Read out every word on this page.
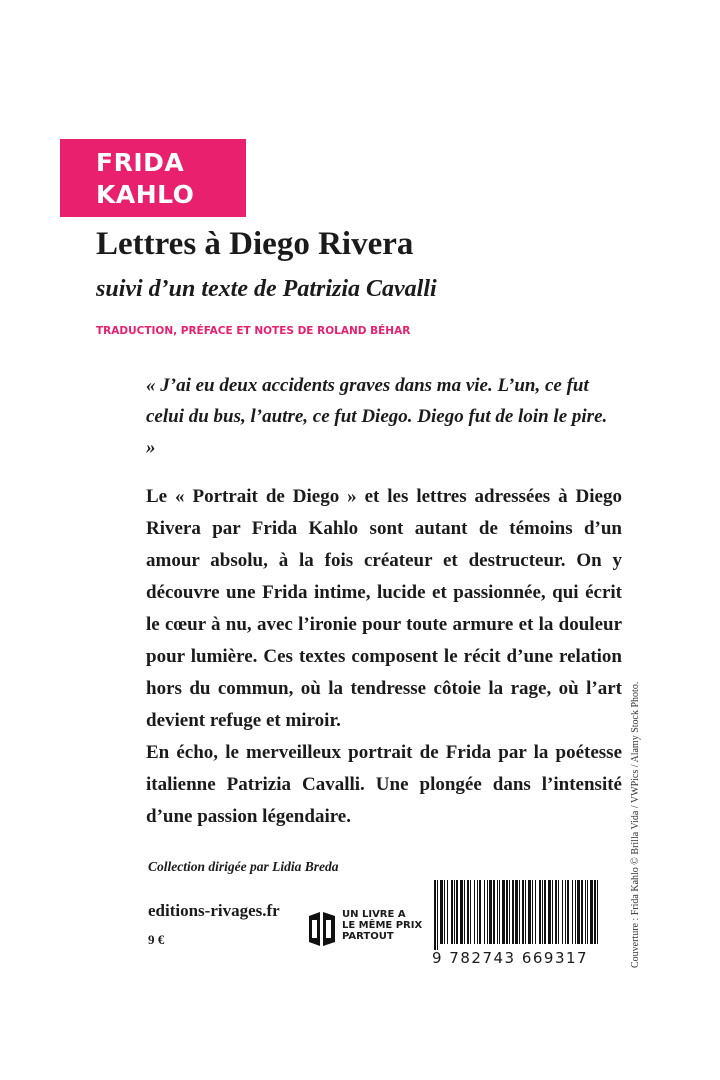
FRIDA
KAHLO
Lettres à Diego Rivera
suivi d’un texte de Patrizia Cavalli
TRADUCTION, PRÉFACE ET NOTES DE ROLAND BÉHAR
« J’ai eu deux accidents graves dans ma vie. L’un, ce fut celui du bus, l’autre, ce fut Diego. Diego fut de loin le pire. »

Le « Portrait de Diego » et les lettres adressées à Diego Rivera par Frida Kahlo sont autant de témoins d’un amour absolu, à la fois créateur et destructeur. On y découvre une Frida intime, lucide et passionnée, qui écrit le cœur à nu, avec l’ironie pour toute armure et la douleur pour lumière. Ces textes composent le récit d’une relation hors du commun, où la tendresse côtoie la rage, où l’art devient refuge et miroir.

En écho, le merveilleux portrait de Frida par la poétesse italienne Patrizia Cavalli. Une plongée dans l’intensité d’une passion légendaire.

Collection dirigée par Lidia Breda
editions-rivages.fr
9 €
UN LIVRE A
LE MÊME PRIX
PARTOUT
9 782743 669317	Couverture : Frida Kahlo © Brilla Vida / VWPics / Alamy Stock Photo.
